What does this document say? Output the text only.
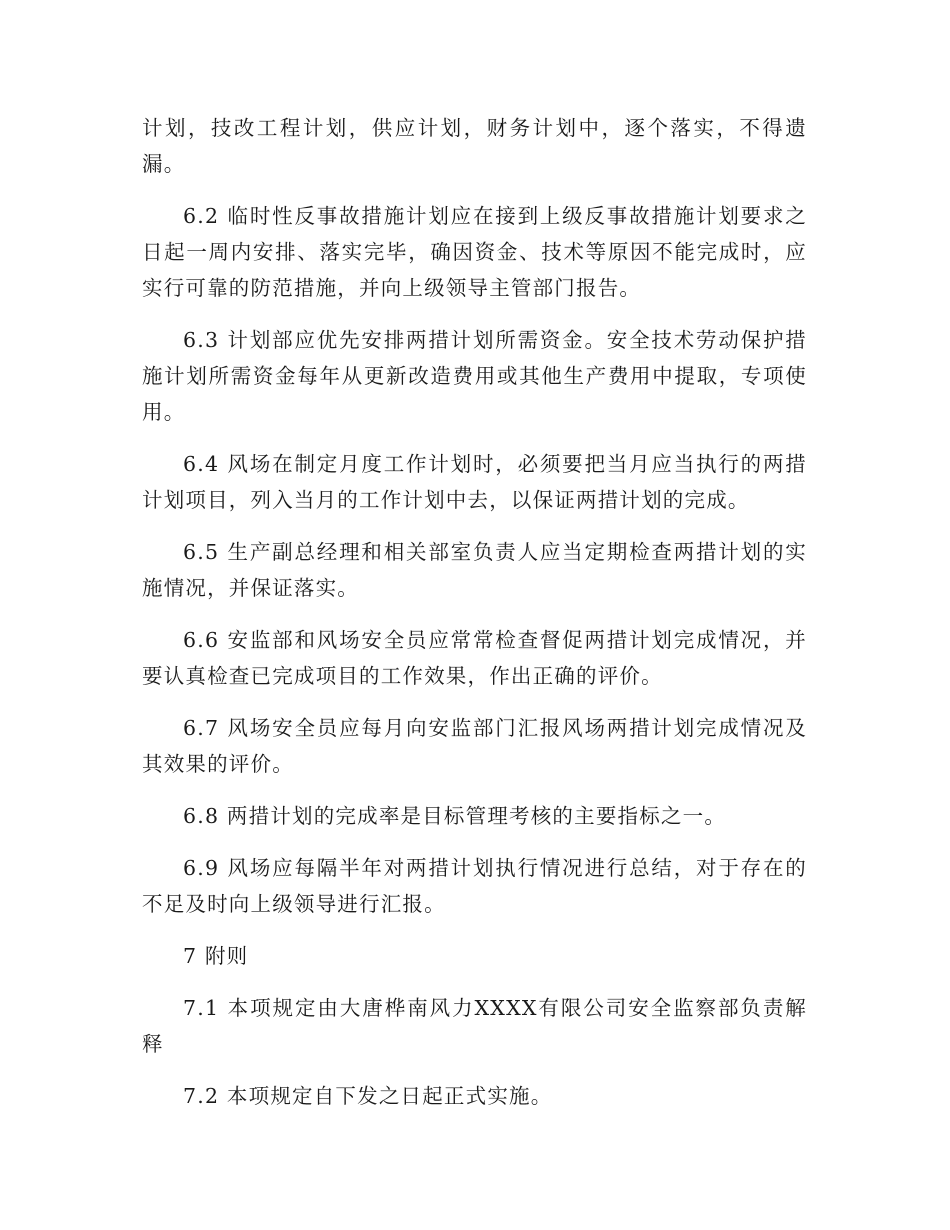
计划，技改工程计划，供应计划，财务计划中，逐个落实，不得遗漏。

6.2 临时性反事故措施计划应在接到上级反事故措施计划要求之日起一周内安排、落实完毕，确因资金、技术等原因不能完成时，应实行可靠的防范措施，并向上级领导主管部门报告。

6.3 计划部应优先安排两措计划所需资金。安全技术劳动保护措施计划所需资金每年从更新改造费用或其他生产费用中提取，专项使用。

6.4 风场在制定月度工作计划时，必须要把当月应当执行的两措计划项目，列入当月的工作计划中去，以保证两措计划的完成。

6.5 生产副总经理和相关部室负责人应当定期检查两措计划的实施情况，并保证落实。

6.6 安监部和风场安全员应常常检查督促两措计划完成情况，并要认真检查已完成项目的工作效果，作出正确的评价。

6.7 风场安全员应每月向安监部门汇报风场两措计划完成情况及其效果的评价。

6.8 两措计划的完成率是目标管理考核的主要指标之一。

6.9 风场应每隔半年对两措计划执行情况进行总结，对于存在的不足及时向上级领导进行汇报。

7 附则

7.1 本项规定由大唐桦南风力XXXX有限公司安全监察部负责解释

7.2 本项规定自下发之日起正式实施。
